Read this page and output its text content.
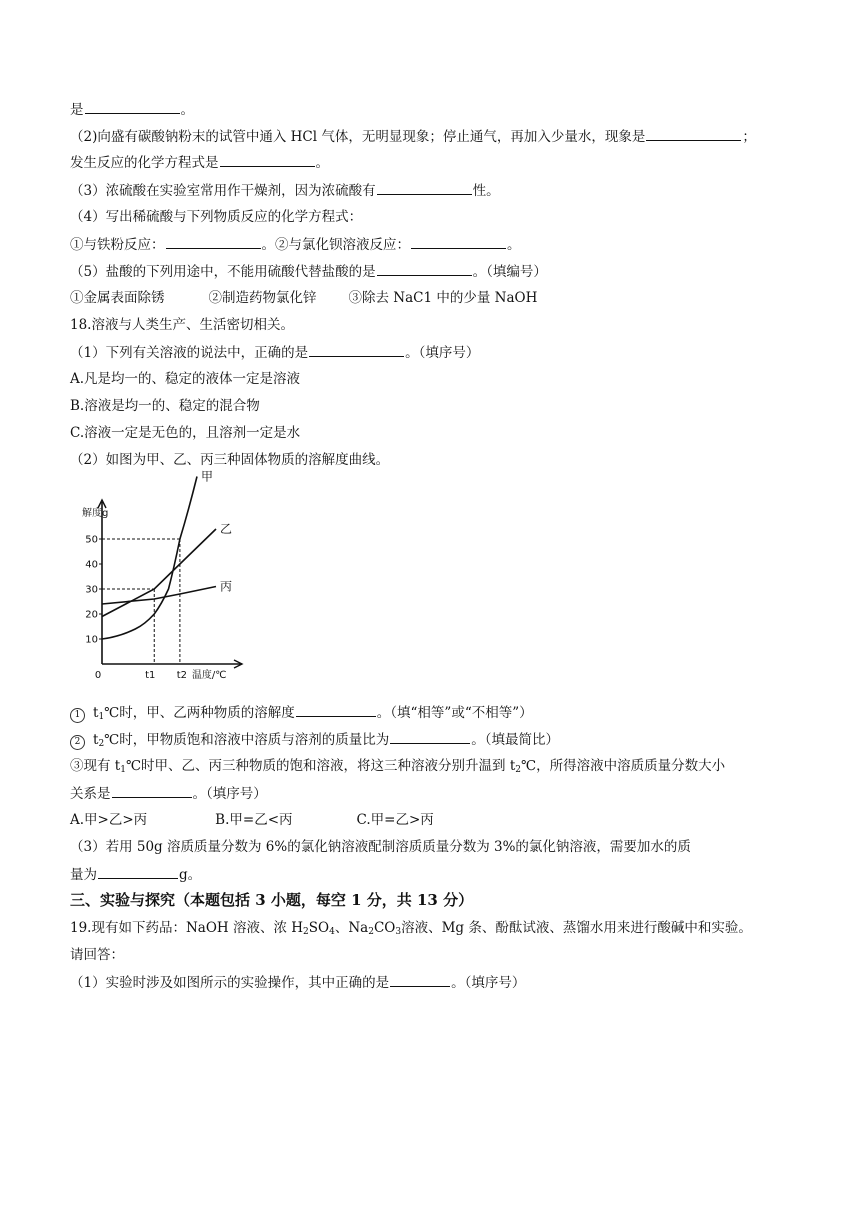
是	。
（2)向盛有碳酸钠粉末的试管中通入 HCl 气体，无明显现象；停止通气，再加入少量水，现象是	；
发生反应的化学方程式是	。
（3）浓硫酸在实验室常用作干燥剂，因为浓硫酸有	性。
（4）写出稀硫酸与下列物质反应的化学方程式：
①与铁粉反应：	。②与氯化钡溶液反应：	。
（5）盐酸的下列用途中，不能用硫酸代替盐酸的是	。（填编号）
①金属表面除锈	②制造药物氯化锌 ③除去 NaC1 中的少量 NaOH
18.溶液与人类生产、生活密切相关。
（1）下列有关溶液的说法中，正确的是	。（填序号）
A.凡是均一的、稳定的液体一定是溶液
B.溶液是均一的、稳定的混合物
C.溶液一定是无色的，且溶剂一定是水
（2）如图为甲、乙、丙三种固体物质的溶解度曲线。
解度g
10
20
30
40
50
0	t1 t2 温度/℃
甲
乙
丙
1 $t_1℃$时，甲、乙两种物质的溶解度	。（填“相等”或“不相等”）
2 $t_2℃$时，甲物质饱和溶液中溶质与溶剂的质量比为	。（填最简比）
③现有 $t_1℃$时甲、乙、丙三种物质的饱和溶液，将这三种溶液分别升温到 $t_2℃$，所得溶液中溶质质量分数大小
关系是	。（填序号）
A.甲>乙>丙	B.甲=乙<丙	C.甲=乙>丙
（3）若用 50g 溶质质量分数为 6%的氯化钠溶液配制溶质质量分数为 3%的氯化钠溶液，需要加水的质
量为	g。
三、实验与探究（本题包括 3 小题，每空 1 分，共 13 分）
19.现有如下药品：NaOH 溶液、浓 $H_2SO_4$、$Na_2CO_3$溶液、Mg 条、酚酞试液、蒸馏水用来进行酸碱中和实验。
请回答：
（1）实验时涉及如图所示的实验操作，其中正确的是	。（填序号）
